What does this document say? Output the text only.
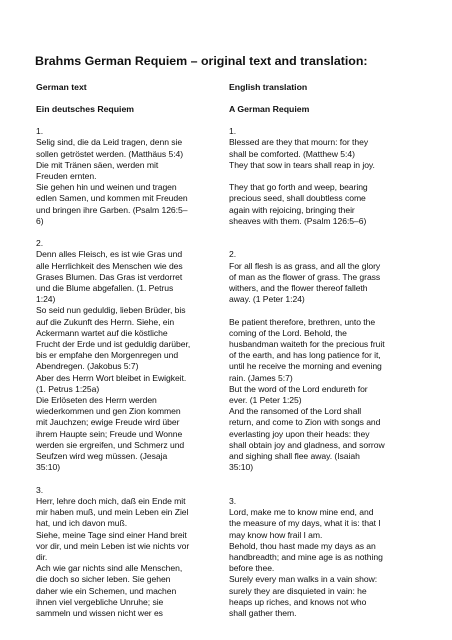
Brahms German Requiem – original text and translation:
German text
Ein deutsches Requiem
1.
Selig sind, die da Leid tragen, denn sie
sollen getröstet werden. (Matthäus 5:4)
Die mit Tränen säen, werden mit
Freuden ernten.
Sie gehen hin und weinen und tragen
edlen Samen, und kommen mit Freuden
und bringen ihre Garben. (Psalm 126:5–
6)

2.
Denn alles Fleisch, es ist wie Gras und
alle Herrlichkeit des Menschen wie des
Grases Blumen. Das Gras ist verdorret
und die Blume abgefallen. (1. Petrus
1:24)
So seid nun geduldig, lieben Brüder, bis
auf die Zukunft des Herrn. Siehe, ein
Ackermann wartet auf die köstliche
Frucht der Erde und ist geduldig darüber,
bis er empfahe den Morgenregen und
Abendregen. (Jakobus 5:7)
Aber des Herrn Wort bleibet in Ewigkeit.
(1. Petrus 1:25a)
Die Erlöseten des Herrn werden
wiederkommen und gen Zion kommen
mit Jauchzen; ewige Freude wird über
ihrem Haupte sein; Freude und Wonne
werden sie ergreifen, und Schmerz und
Seufzen wird weg müssen. (Jesaja
35:10)

3.
Herr, lehre doch mich, daß ein Ende mit
mir haben muß, und mein Leben ein Ziel
hat, und ich davon muß.
Siehe, meine Tage sind einer Hand breit
vor dir, und mein Leben ist wie nichts vor
dir.
Ach wie gar nichts sind alle Menschen,
die doch so sicher leben. Sie gehen
daher wie ein Schemen, und machen
ihnen viel vergebliche Unruhe; sie
sammeln und wissen nicht wer es
English translation
A German Requiem
1.
Blessed are they that mourn: for they
shall be comforted. (Matthew 5:4)
They that sow in tears shall reap in joy.

They that go forth and weep, bearing
precious seed, shall doubtless come
again with rejoicing, bringing their
sheaves with them. (Psalm 126:5–6)

2.
For all flesh is as grass, and all the glory
of man as the flower of grass. The grass
withers, and the flower thereof falleth
away. (1 Peter 1:24)

Be patient therefore, brethren, unto the
coming of the Lord. Behold, the
husbandman waiteth for the precious fruit
of the earth, and has long patience for it,
until he receive the morning and evening
rain. (James 5:7)
But the word of the Lord endureth for
ever. (1 Peter 1:25)
And the ransomed of the Lord shall
return, and come to Zion with songs and
everlasting joy upon their heads: they
shall obtain joy and gladness, and sorrow
and sighing shall flee away. (Isaiah
35:10)

3.
Lord, make me to know mine end, and
the measure of my days, what it is: that I
may know how frail I am.
Behold, thou hast made my days as an
handbreadth; and mine age is as nothing
before thee.
Surely every man walks in a vain show:
surely they are disquieted in vain: he
heaps up riches, and knows not who
shall gather them.
